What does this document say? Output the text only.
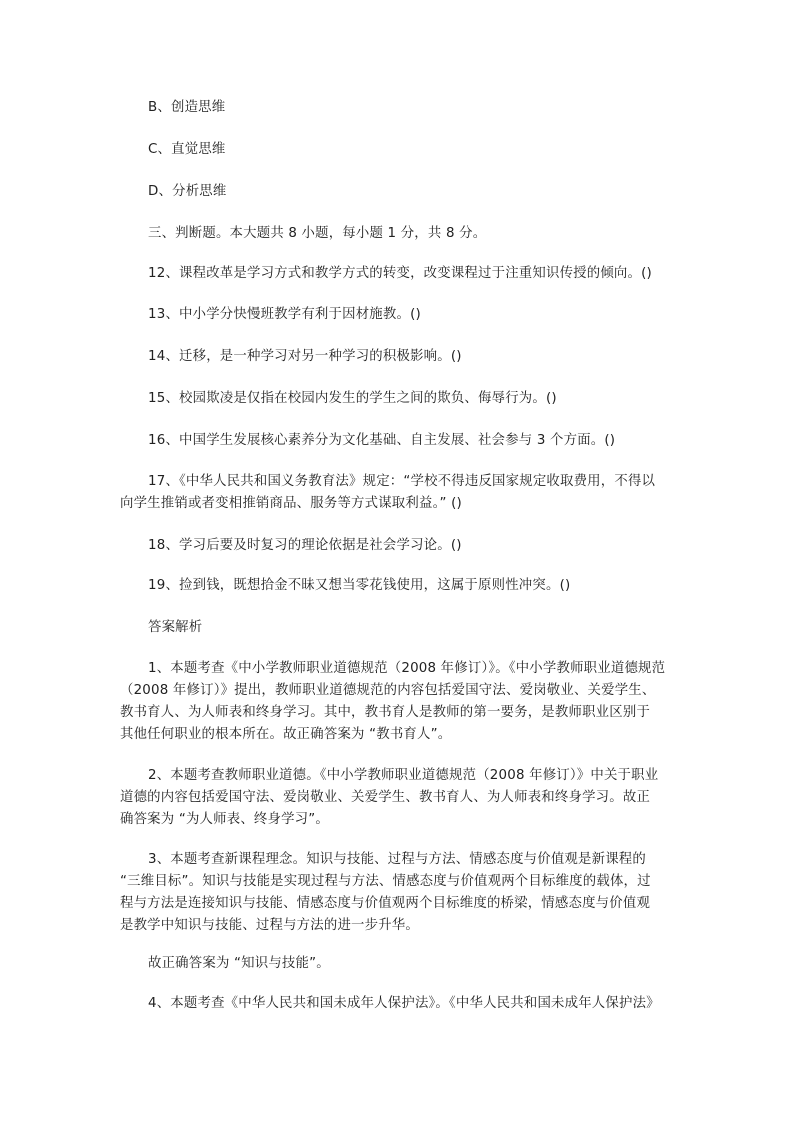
B、创造思维
C、直觉思维
D、分析思维
三、判断题。本大题共 8 小题，每小题 1 分，共 8 分。
12、课程改革是学习方式和教学方式的转变，改变课程过于注重知识传授的倾向。()
13、中小学分快慢班教学有利于因材施教。()
14、迁移，是一种学习对另一种学习的积极影响。()
15、校园欺凌是仅指在校园内发生的学生之间的欺负、侮辱行为。()
16、中国学生发展核心素养分为文化基础、自主发展、社会参与 3 个方面。()
17、《中华人民共和国义务教育法》规定：“学校不得违反国家规定收取费用，不得以
向学生推销或者变相推销商品、服务等方式谋取利益。” ()
18、学习后要及时复习的理论依据是社会学习论。()
19、捡到钱，既想拾金不昧又想当零花钱使用，这属于原则性冲突。()
答案解析
1、本题考查《中小学教师职业道德规范（2008 年修订）》。《中小学教师职业道德规范
（2008 年修订）》提出，教师职业道德规范的内容包括爱国守法、爱岗敬业、关爱学生、
教书育人、为人师表和终身学习。其中，教书育人是教师的第一要务，是教师职业区别于
其他任何职业的根本所在。故正确答案为 “教书育人”。
2、本题考查教师职业道德。《中小学教师职业道德规范（2008 年修订）》中关于职业
道德的内容包括爱国守法、爱岗敬业、关爱学生、教书育人、为人师表和终身学习。故正
确答案为 “为人师表、终身学习”。
3、本题考查新课程理念。知识与技能、过程与方法、情感态度与价值观是新课程的
“三维目标”。知识与技能是实现过程与方法、情感态度与价值观两个目标维度的载体，过
程与方法是连接知识与技能、情感态度与价值观两个目标维度的桥梁，情感态度与价值观
是教学中知识与技能、过程与方法的进一步升华。
故正确答案为 “知识与技能”。
4、本题考查《中华人民共和国未成年人保护法》。《中华人民共和国未成年人保护法》
